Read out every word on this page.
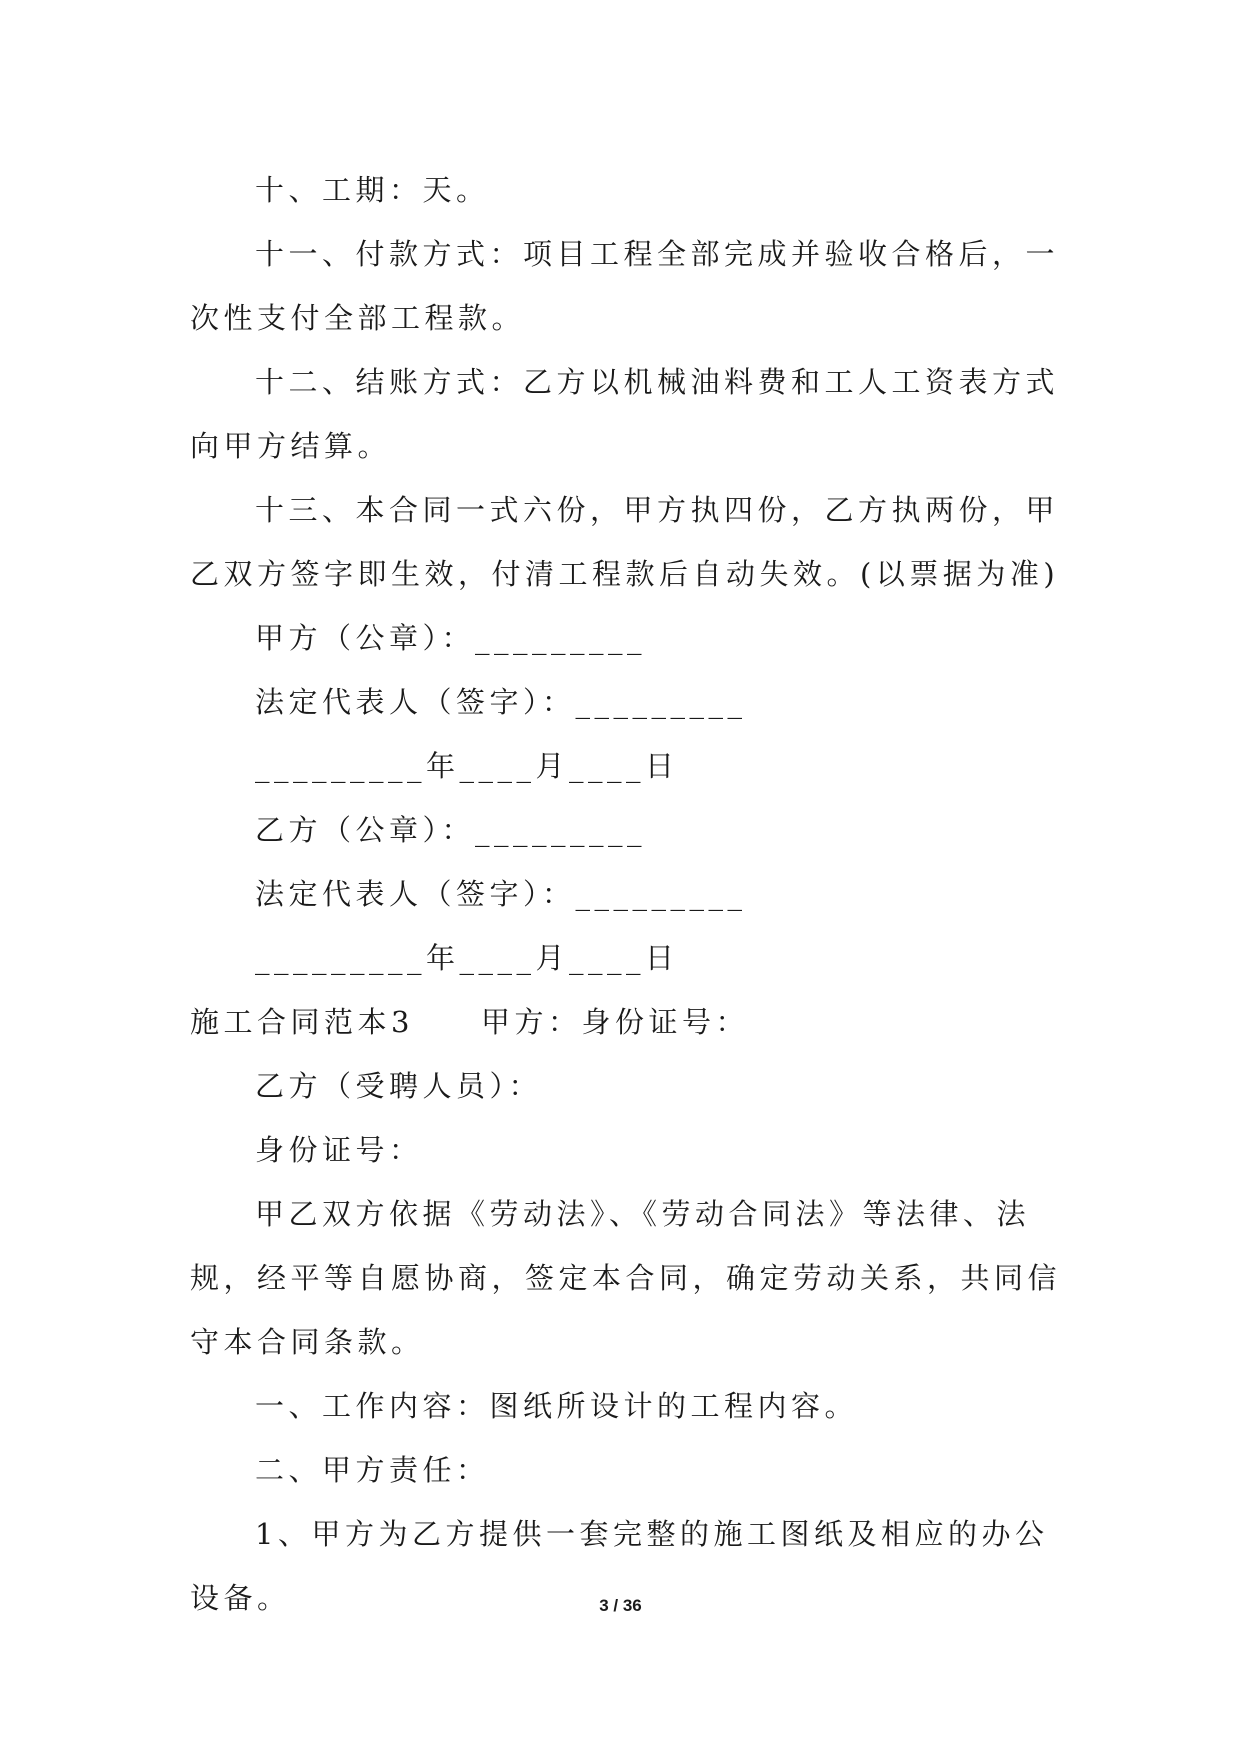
十、工期：天。

十一、付款方式：项目工程全部完成并验收合格后，一次性支付全部工程款。

十二、结账方式：乙方以机械油料费和工人工资表方式向甲方结算。

十三、本合同一式六份，甲方执四份，乙方执两份，甲乙双方签字即生效，付清工程款后自动失效。(以票据为准)

甲方（公章）：_________

法定代表人（签字）：_________

_________年____月____日

乙方（公章）：_________

法定代表人（签字）：_________

_________年____月____日

施工合同范本3　　甲方：身份证号：

乙方（受聘人员）：

身份证号：

甲乙双方依据《劳动法》、《劳动合同法》等法律、法规，经平等自愿协商，签定本合同，确定劳动关系，共同信守本合同条款。

一、工作内容：图纸所设计的工程内容。

二、甲方责任：

1、甲方为乙方提供一套完整的施工图纸及相应的办公设备。	3 / 36
